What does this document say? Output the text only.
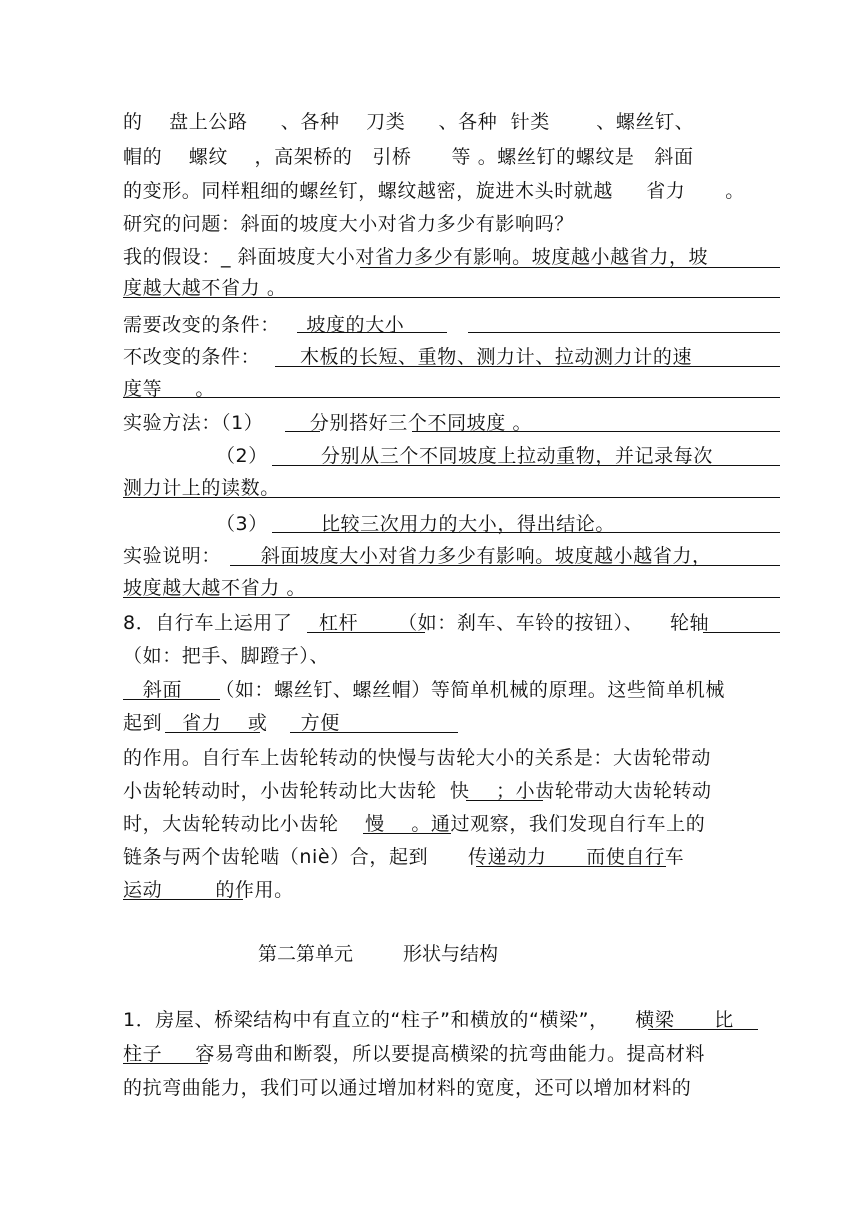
的    盘上公路     、各种    刀类     、各种  针类       、螺丝钉、
帽的    螺纹    ，高架桥的   引桥      等 。螺丝钉的螺纹是   斜面
的变形。同样粗细的螺丝钉，螺纹越密，旋进木头时就越     省力      。
研究的问题：斜面的坡度大小对省力多少有影响吗？
我的假设：_ 斜面坡度大小对省力多少有影响。坡度越小越省力，坡
度越大越不省力 。
需要改变的条件：    坡度的大小
不改变的条件：      木板的长短、重物、测力计、拉动测力计的速
度等     。
实验方法：（1）       分别搭好三个不同坡度 。
（2）        分别从三个不同坡度上拉动重物，并记录每次
测力计上的读数。
（3）        比较三次用力的大小，得出结论。
实验说明：      斜面坡度大小对省力多少有影响。坡度越小越省力，
坡度越大越不省力 。
8．自行车上运用了    杠杆      （如：刹车、车铃的按钮）、    轮轴
（如：把手、脚蹬子）、
斜面     （如：螺丝钉、螺丝帽）等简单机械的原理。这些简单机械
起到   省力    或     方便
的作用。自行车上齿轮转动的快慢与齿轮大小的关系是：大齿轮带动
小齿轮转动时，小齿轮转动比大齿轮  快    ；小齿轮带动大齿轮转动
时，大齿轮转动比小齿轮    慢    。通过观察，我们发现自行车上的
链条与两个齿轮啮（niè）合，起到      传递动力      而使自行车
运动        的作用。
第二第单元	形状与结构
1．房屋、桥梁结构中有直立的“柱子”和横放的“横梁”，    横梁      比
柱子     容易弯曲和断裂，所以要提高横梁的抗弯曲能力。提高材料
的抗弯曲能力，我们可以通过增加材料的宽度，还可以增加材料的
